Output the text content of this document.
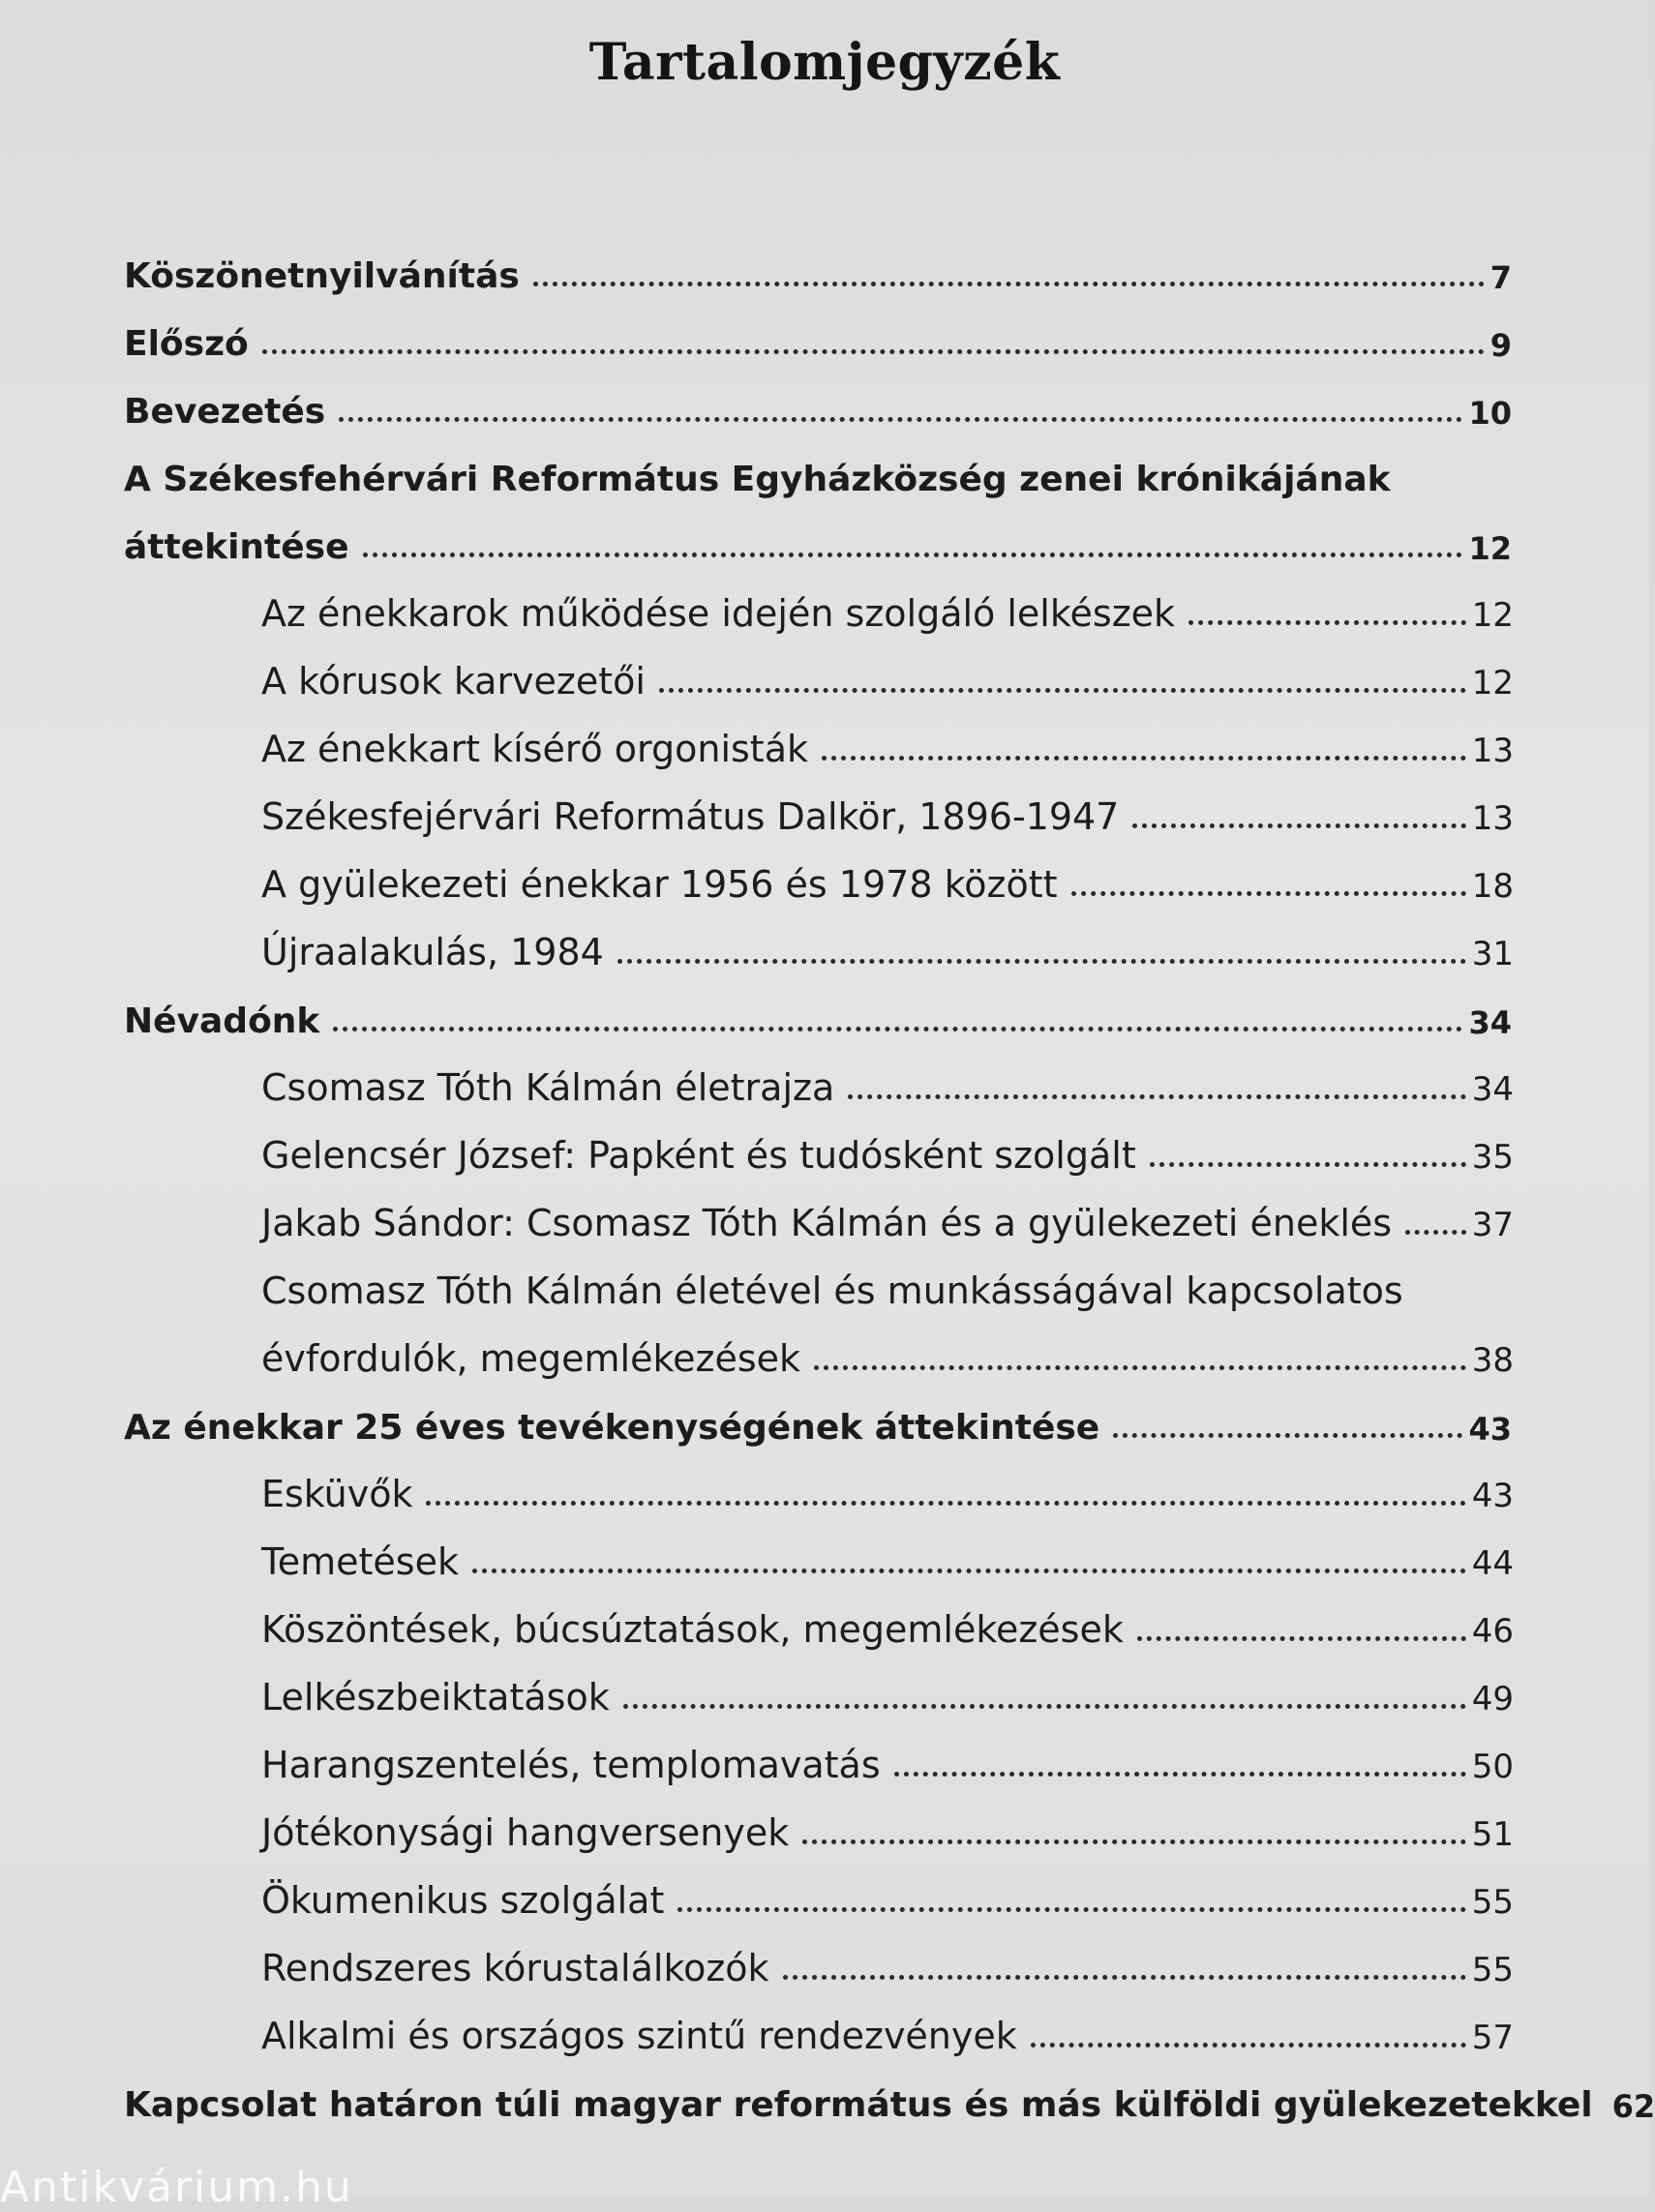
Tartalomjegyzék
Köszönetnyilvánítás	7
Előszó	9
Bevezetés	10
A Székesfehérvári Református Egyházközség zenei krónikájának
áttekintése	12
Az énekkarok működése idején szolgáló lelkészek	12
A kórusok karvezetői	12
Az énekkart kísérő orgonisták	13
Székesfejérvári Református Dalkör, 1896-1947	13
A gyülekezeti énekkar 1956 és 1978 között	18
Újraalakulás, 1984	31
Névadónk	34
Csomasz Tóth Kálmán életrajza	34
Gelencsér József: Papként és tudósként szolgált	35
Jakab Sándor: Csomasz Tóth Kálmán és a gyülekezeti éneklés	37
Csomasz Tóth Kálmán életével és munkásságával kapcsolatos
évfordulók, megemlékezések	38
Az énekkar 25 éves tevékenységének áttekintése	43
Esküvők	43
Temetések	44
Köszöntések, búcsúztatások, megemlékezések	46
Lelkészbeiktatások	49
Harangszentelés, templomavatás	50
Jótékonysági hangversenyek	51
Ökumenikus szolgálat	55
Rendszeres kórustalálkozók	55
Alkalmi és országos szintű rendezvények	57
Kapcsolat határon túli magyar református és más külföldi gyülekezetekkel 62
Antikvárium.hu
